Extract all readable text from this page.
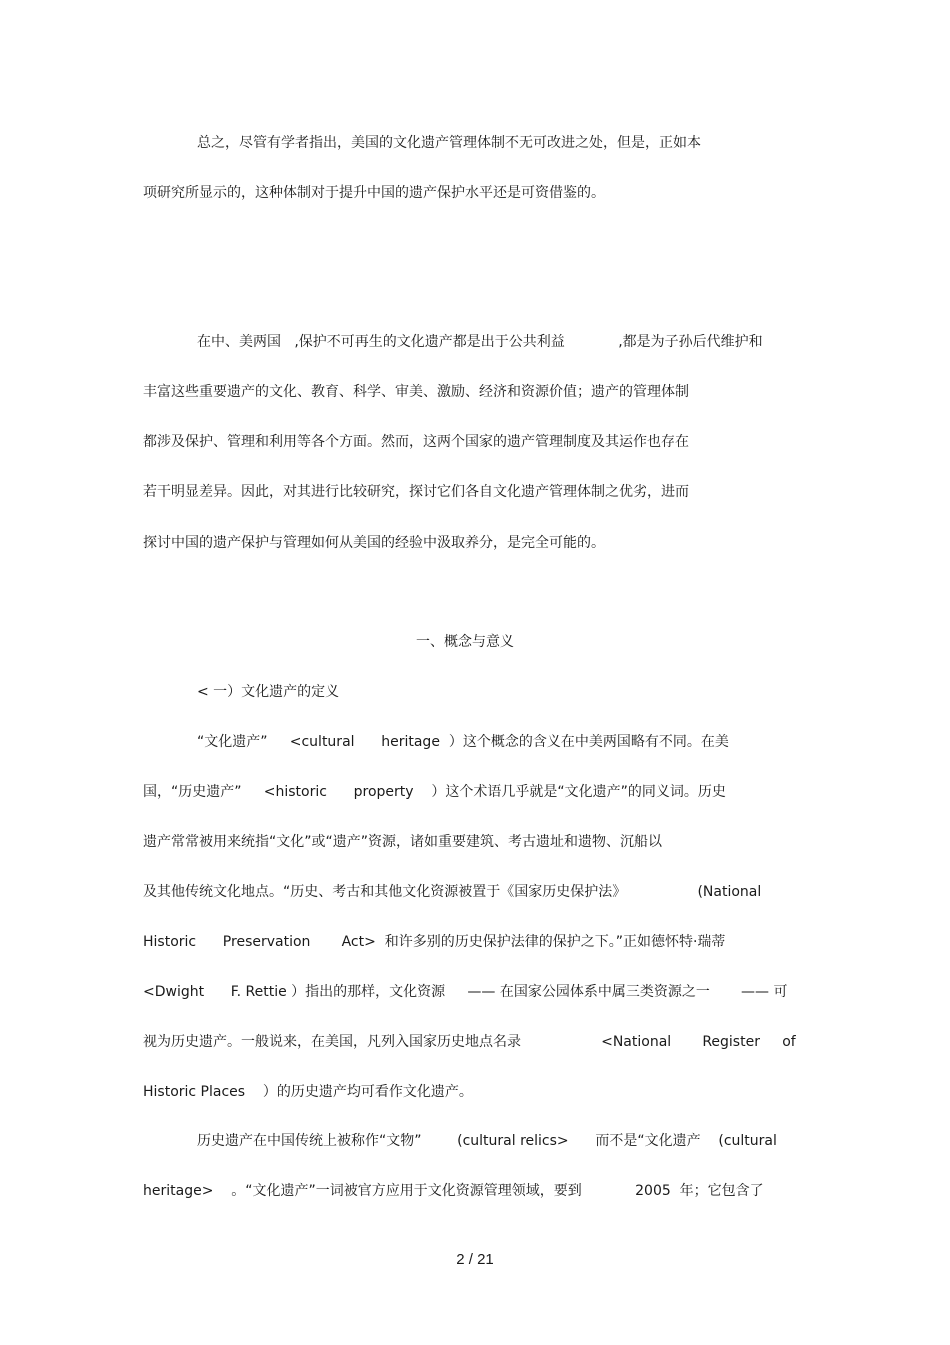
总之，尽管有学者指出，美国的文化遗产管理体制不无可改进之处，但是，正如本
项研究所显示的，这种体制对于提升中国的遗产保护水平还是可资借鉴的。
在中、美两国   ,保护不可再生的文化遗产都是出于公共利益            ,都是为子孙后代维护和
丰富这些重要遗产的文化、教育、科学、审美、激励、经济和资源价值；遗产的管理体制
都涉及保护、管理和利用等各个方面。然而，这两个国家的遗产管理制度及其运作也存在
若干明显差异。因此，对其进行比较研究，探讨它们各自文化遗产管理体制之优劣，进而
探讨中国的遗产保护与管理如何从美国的经验中汲取养分，是完全可能的。
一、概念与意义
< 一）文化遗产的定义
“文化遗产”     <cultural      heritage  ）这个概念的含义在中美两国略有不同。在美
国，“历史遗产”     <historic      property    ）这个术语几乎就是“文化遗产”的同义词。历史
遗产常常被用来统指“文化”或“遗产”资源，诸如重要建筑、考古遗址和遗物、沉船以
及其他传统文化地点。“历史、考古和其他文化资源被置于《国家历史保护法》                (National
Historic      Preservation       Act>  和许多别的历史保护法律的保护之下。”正如德怀特·瑞蒂
<Dwight      F. Rettie ）指出的那样，文化资源     —— 在国家公园体系中属三类资源之一       —— 可
视为历史遗产。一般说来，在美国，凡列入国家历史地点名录                  <National       Register     of
Historic Places    ）的历史遗产均可看作文化遗产。
历史遗产在中国传统上被称作“文物”        (cultural relics>      而不是“文化遗产    (cultural
heritage>    。“文化遗产”一词被官方应用于文化资源管理领域，要到            2005  年；它包含了
2 / 21
